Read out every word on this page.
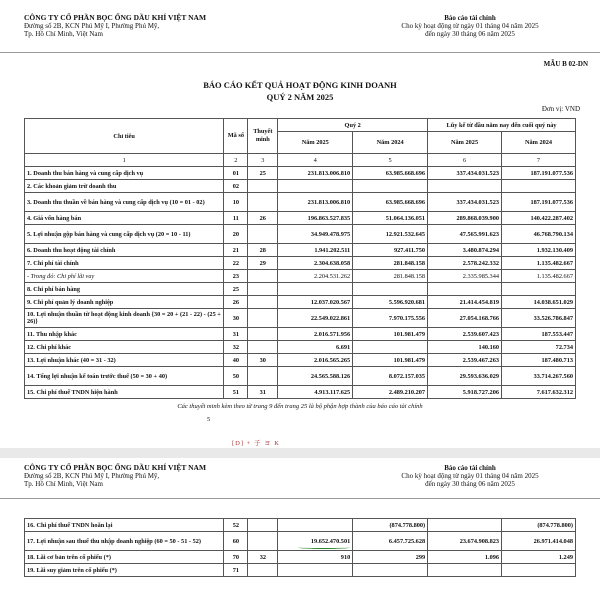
CÔNG TY CỔ PHẦN BỌC ỐNG DẦU KHÍ VIỆT NAM
Đường số 2B, KCN Phú Mỹ I, Phường Phú Mỹ,
Tp. Hồ Chí Minh, Việt Nam
Báo cáo tài chính
Cho kỳ hoạt động từ ngày 01 tháng 04 năm 2025
đến ngày 30 tháng 06 năm 2025
MẪU B 02-DN
BÁO CÁO KẾT QUẢ HOẠT ĐỘNG KINH DOANH
QUÝ 2 NĂM 2025
Đơn vị: VND
Chỉ tiêu	Mã số	Thuyết minh	Quý 2		Lũy kế từ đầu năm nay đến cuối quý này	
			Năm 2025	Năm 2024	Năm 2025	Năm 2024
1	2	3	4	5	6	7
1. Doanh thu bán hàng và cung cấp dịch vụ	01	25	231.813.006.810	63.985.668.696	337.434.031.523	187.191.077.536
2. Các khoản giảm trừ doanh thu	02					
3. Doanh thu thuần về bán hàng và cung cấp dịch vụ (10 = 01 - 02)	10		231.813.006.810	63.985.668.696	337.434.031.523	187.191.077.536
4. Giá vốn hàng bán	11	26	196.863.527.835	51.064.136.051	289.868.039.900	140.422.287.402
5. Lợi nhuận gộp bán hàng và cung cấp dịch vụ (20 = 10 - 11)	20		34.949.478.975	12.921.532.645	47.565.991.623	46.768.790.134
6. Doanh thu hoạt động tài chính	21	28	1.941.202.511	927.411.750	3.480.874.294	1.932.130.409
7. Chi phí tài chính	22	29	2.304.638.058	281.848.158	2.578.242.332	1.135.482.667
- Trong đó: Chi phí lãi vay	23		2.204.531.262	281.848.158	2.335.985.344	1.135.482.667
8. Chi phí bán hàng	25					
9. Chi phí quản lý doanh nghiệp	26		12.037.020.567	5.596.920.681	21.414.454.819	14.038.651.029
10. Lợi nhuận thuần từ hoạt động kinh doanh {30 = 20 + (21 - 22) - (25 + 26)}	30		22.549.022.861	7.970.175.556	27.054.168.766	33.526.786.847
11. Thu nhập khác	31		2.016.571.956	101.981.479	2.539.607.423	187.553.447
12. Chi phí khác	32		6.691		140.160	72.734
13. Lợi nhuận khác (40 = 31 - 32)	40	30	2.016.565.265	101.981.479	2.539.467.263	187.480.713
14. Tổng lợi nhuận kế toán trước thuế (50 = 30 + 40)	50		24.565.588.126	8.072.157.035	29.593.636.029	33.714.267.560
15. Chi phí thuế TNDN hiện hành	51	31	4.913.117.625	2.489.210.207	5.918.727.206	7.617.632.312
Các thuyết minh kèm theo từ trang 9 đến trang 25 là bộ phận hợp thành của báo cáo tài chính
5
[D] + 子 ヨ K
CÔNG TY CỔ PHẦN BỌC ỐNG DẦU KHÍ VIỆT NAM
Đường số 2B, KCN Phú Mỹ I, Phường Phú Mỹ,
Tp. Hồ Chí Minh, Việt Nam
Báo cáo tài chính
Cho kỳ hoạt động từ ngày 01 tháng 04 năm 2025
đến ngày 30 tháng 06 năm 2025
16. Chi phí thuế TNDN hoãn lại	52			(874.778.800)		(874.778.800)
17. Lợi nhuận sau thuế thu nhập doanh nghiệp (60 = 50 - 51 - 52)	60		19.652.470.501	6.457.725.628	23.674.908.823	26.971.414.048
18. Lãi cơ bản trên cổ phiếu (*)	70	32	910	299	1.096	1.249
19. Lãi suy giảm trên cổ phiếu (*)	71					
